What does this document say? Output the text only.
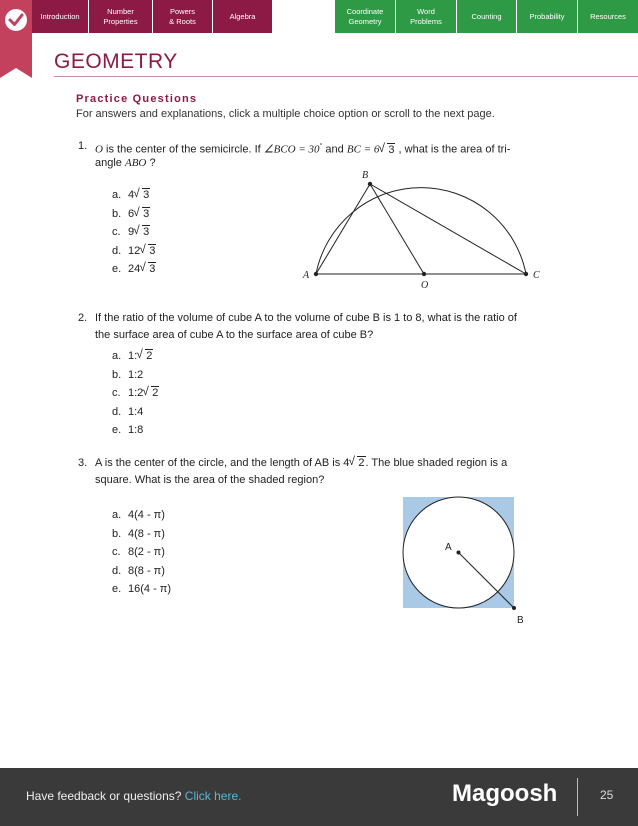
Introduction
Number
Properties
Powers
& Roots
Algebra
Coordinate
Geometry
Word
Problems
Counting	Probability	Resources
GEOMETRY
Practice Questions
For answers and explanations, click a multiple choice option or scroll to the next page.
1. O is the center of the semicircle. If ∠BCO = 30° and BC = 6 √ 3 , what is the area of tri-
angle ABO ?
a. 4 √ 3
b. 6 √ 3
c. 9 √ 3
d. 12 √ 3
e. 24 √ 3
A
B
O
C
2. If the ratio of the volume of cube A to the volume of cube B is 1 to 8, what is the ratio of
the surface area of cube A to the surface area of cube B?
a. 1: √ 2
b. 1:2
c. 1:2 √ 2
d. 1:4
e. 1:8
3. A is the center of the circle, and the length of AB is 4 √ 2. The blue shaded region is a
square. What is the area of the shaded region?
a. 4(4 - π)
b. 4(8 - π)
c. 8(2 - π)
d. 8(8 - π)
e. 16(4 - π)
A
B
Have feedback or questions? Click here.	Magoosh	25
